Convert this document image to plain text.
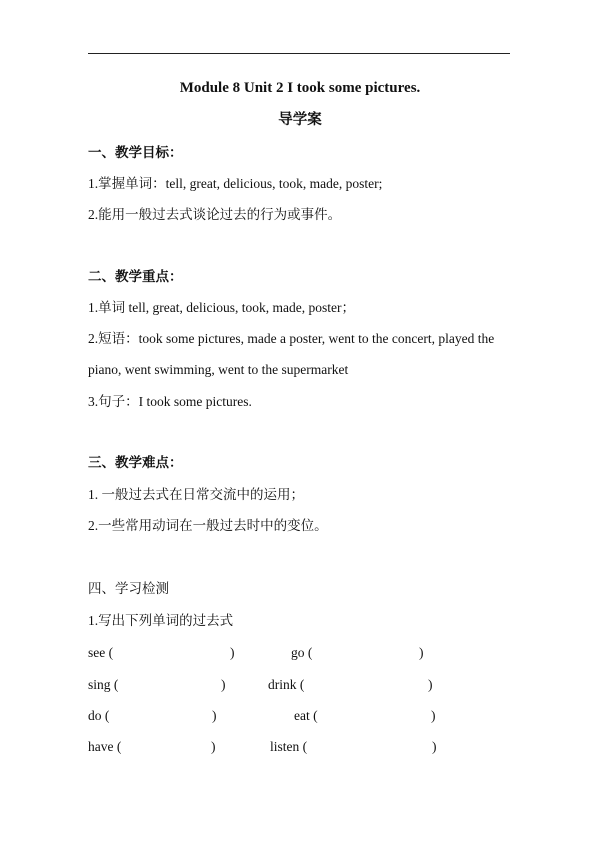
Module 8 Unit 2 I took some pictures.
导学案
一、教学目标：
1.掌握单词：tell, great, delicious, took, made, poster;
2.能用一般过去式谈论过去的行为或事件。
二、教学重点：
1.单词 tell, great, delicious, took, made, poster；
2.短语：took some pictures, made a poster, went to the concert, played the
piano, went swimming, went to the supermarket
3.句子：I took some pictures.
三、教学难点：
1. 一般过去式在日常交流中的运用；
2.一些常用动词在一般过去时中的变位。
四、学习检测
1.写出下列单词的过去式
see (	)	go (	)
sing (	)	drink (	)
do (	)	eat (	)
have (	)	listen (	)
